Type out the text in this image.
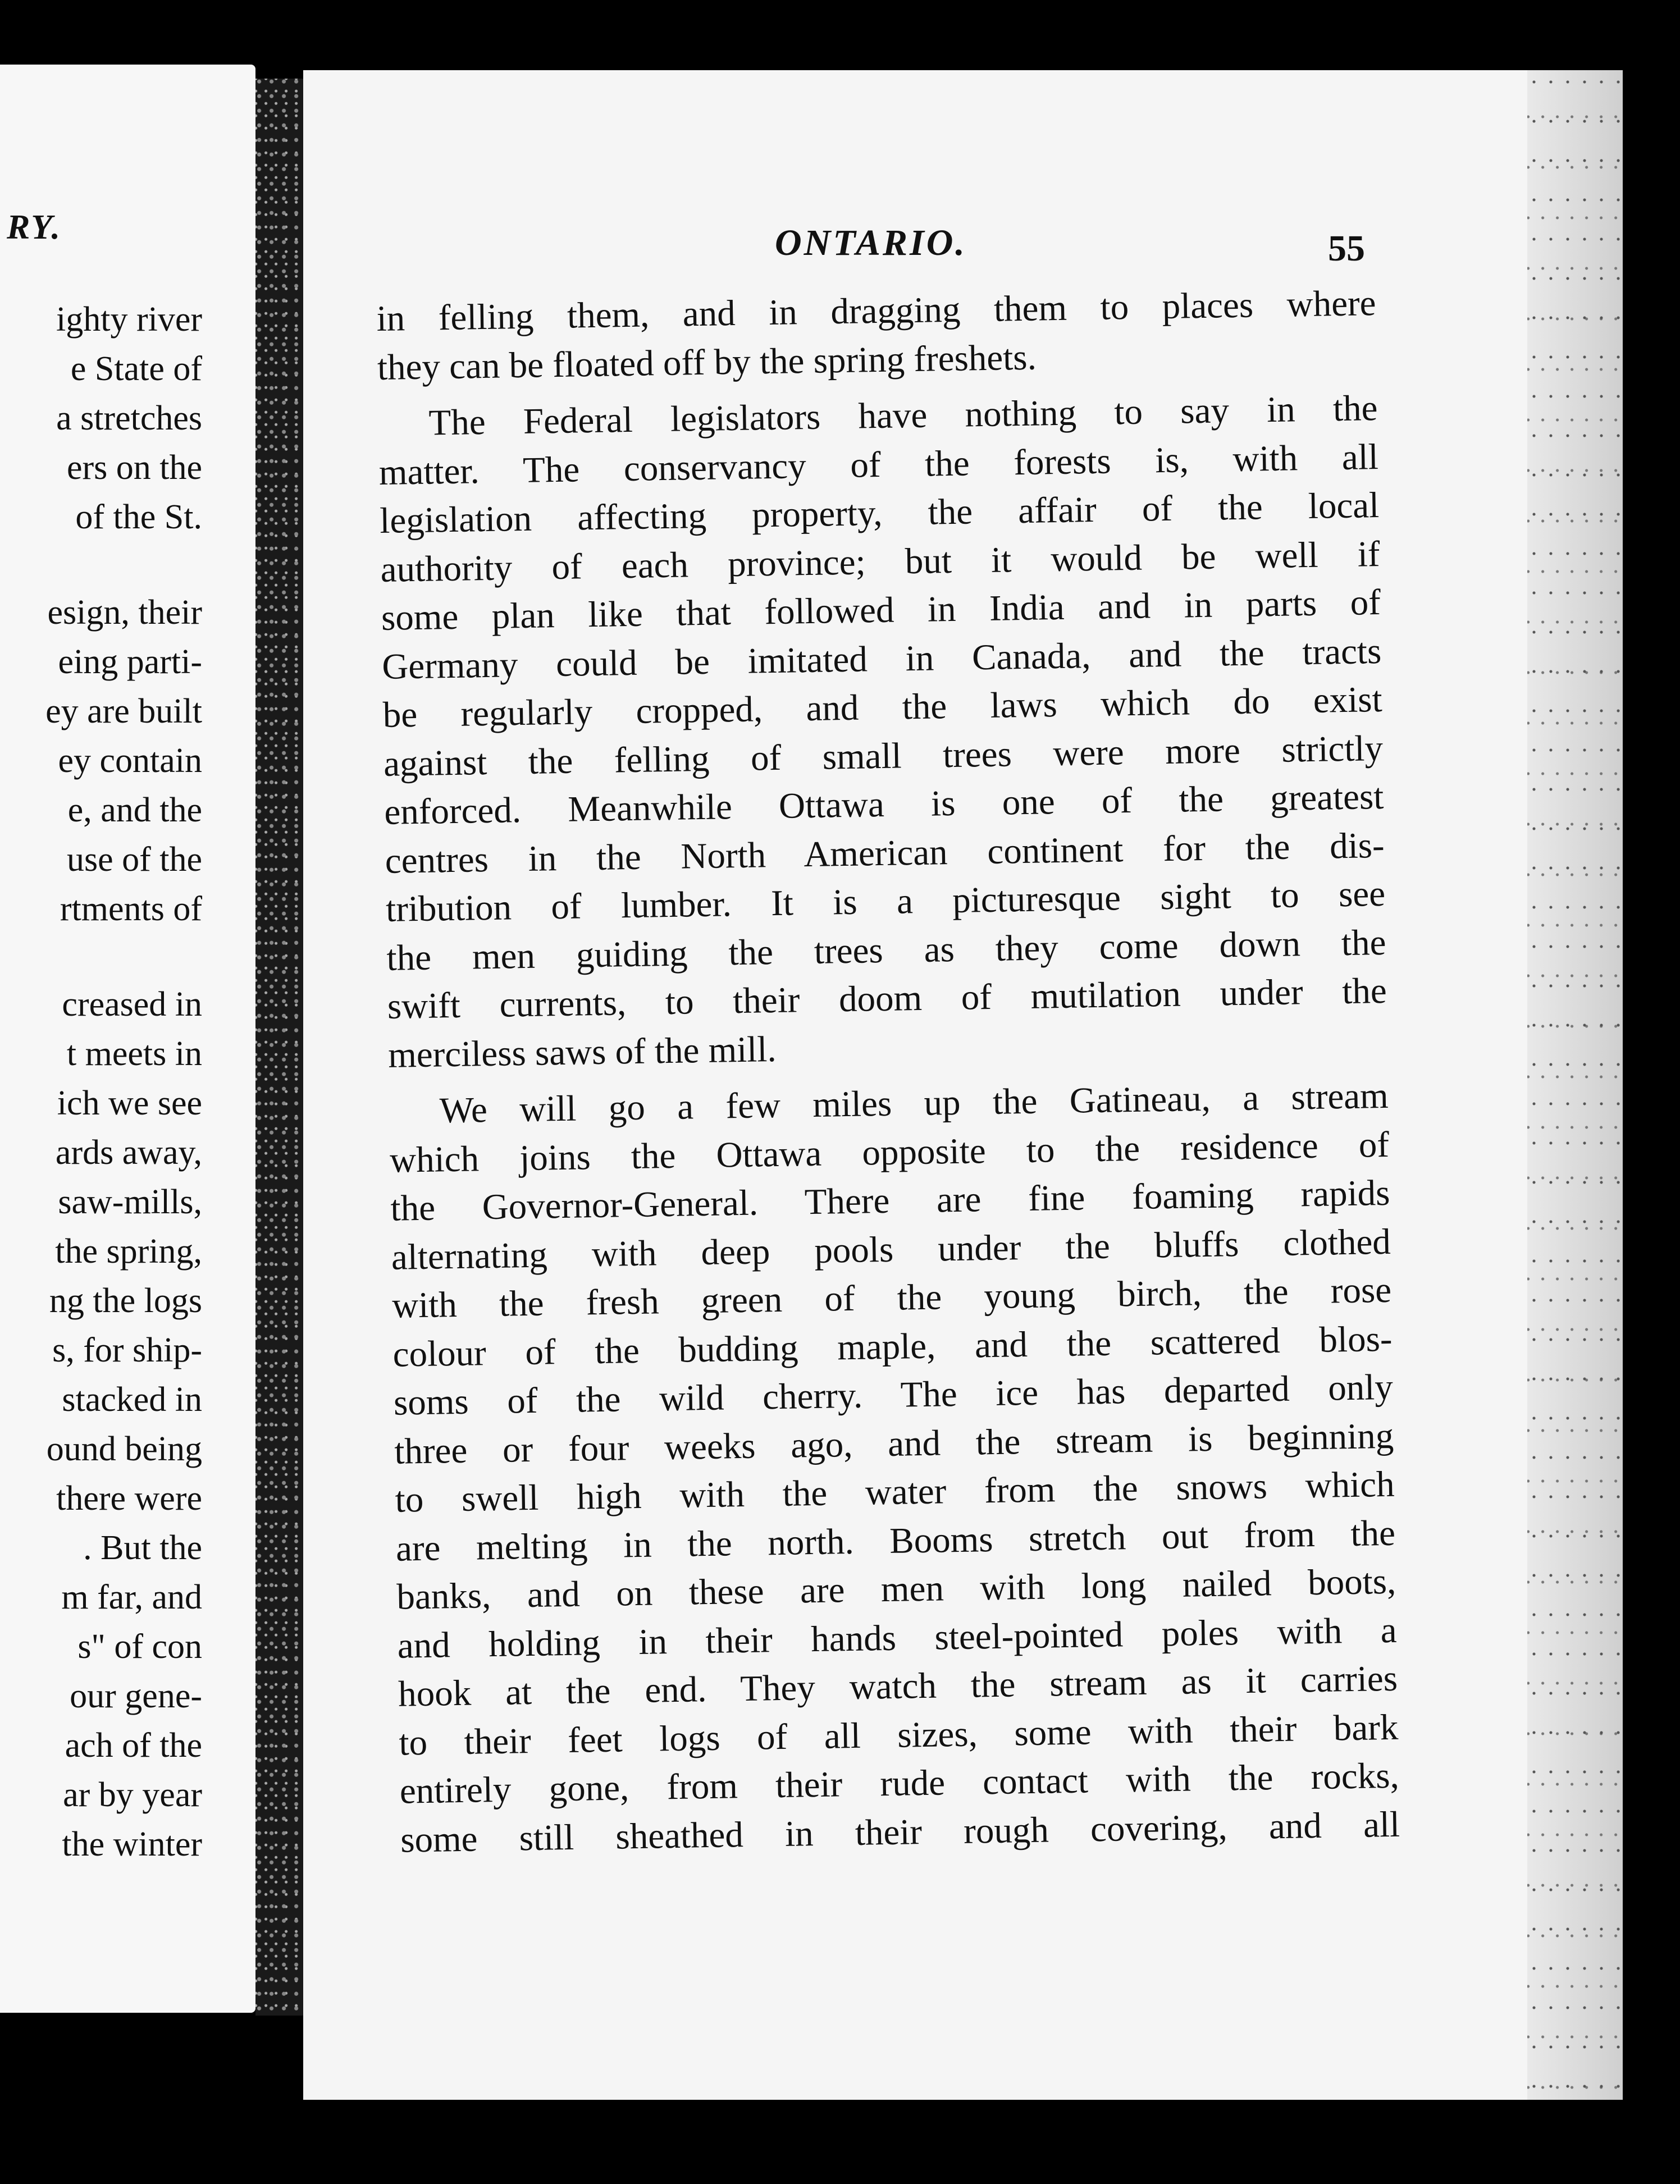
RY.
ighty river
e State of
a stretches
ers on the
of the St.
esign, their
eing parti-
ey are built
ey contain
e, and the
use of the
rtments of
creased in
t meets in
ich we see
ards away,
saw-mills,
the spring,
ng the logs
s, for ship-
stacked in
ound being
there were
. But the
m far, and
s" of con
our gene-
ach of the
ar by year
the winter
ONTARIO.	55

in felling them, and in dragging them to places where
they can be floated off by the spring freshets.

The Federal legislators have nothing to say in the
matter. The conservancy of the forests is, with all
legislation affecting property, the affair of the local
authority of each province; but it would be well if
some plan like that followed in India and in parts of
Germany could be imitated in Canada, and the tracts
be regularly cropped, and the laws which do exist
against the felling of small trees were more strictly
enforced. Meanwhile Ottawa is one of the greatest
centres in the North American continent for the dis-
tribution of lumber. It is a picturesque sight to see
the men guiding the trees as they come down the
swift currents, to their doom of mutilation under the
merciless saws of the mill.

We will go a few miles up the Gatineau, a stream
which joins the Ottawa opposite to the residence of
the Governor-General. There are fine foaming rapids
alternating with deep pools under the bluffs clothed
with the fresh green of the young birch, the rose
colour of the budding maple, and the scattered blos-
soms of the wild cherry. The ice has departed only
three or four weeks ago, and the stream is beginning
to swell high with the water from the snows which
are melting in the north. Booms stretch out from the
banks, and on these are men with long nailed boots,
and holding in their hands steel-pointed poles with a
hook at the end. They watch the stream as it carries
to their feet logs of all sizes, some with their bark
entirely gone, from their rude contact with the rocks,
some still sheathed in their rough covering, and all
